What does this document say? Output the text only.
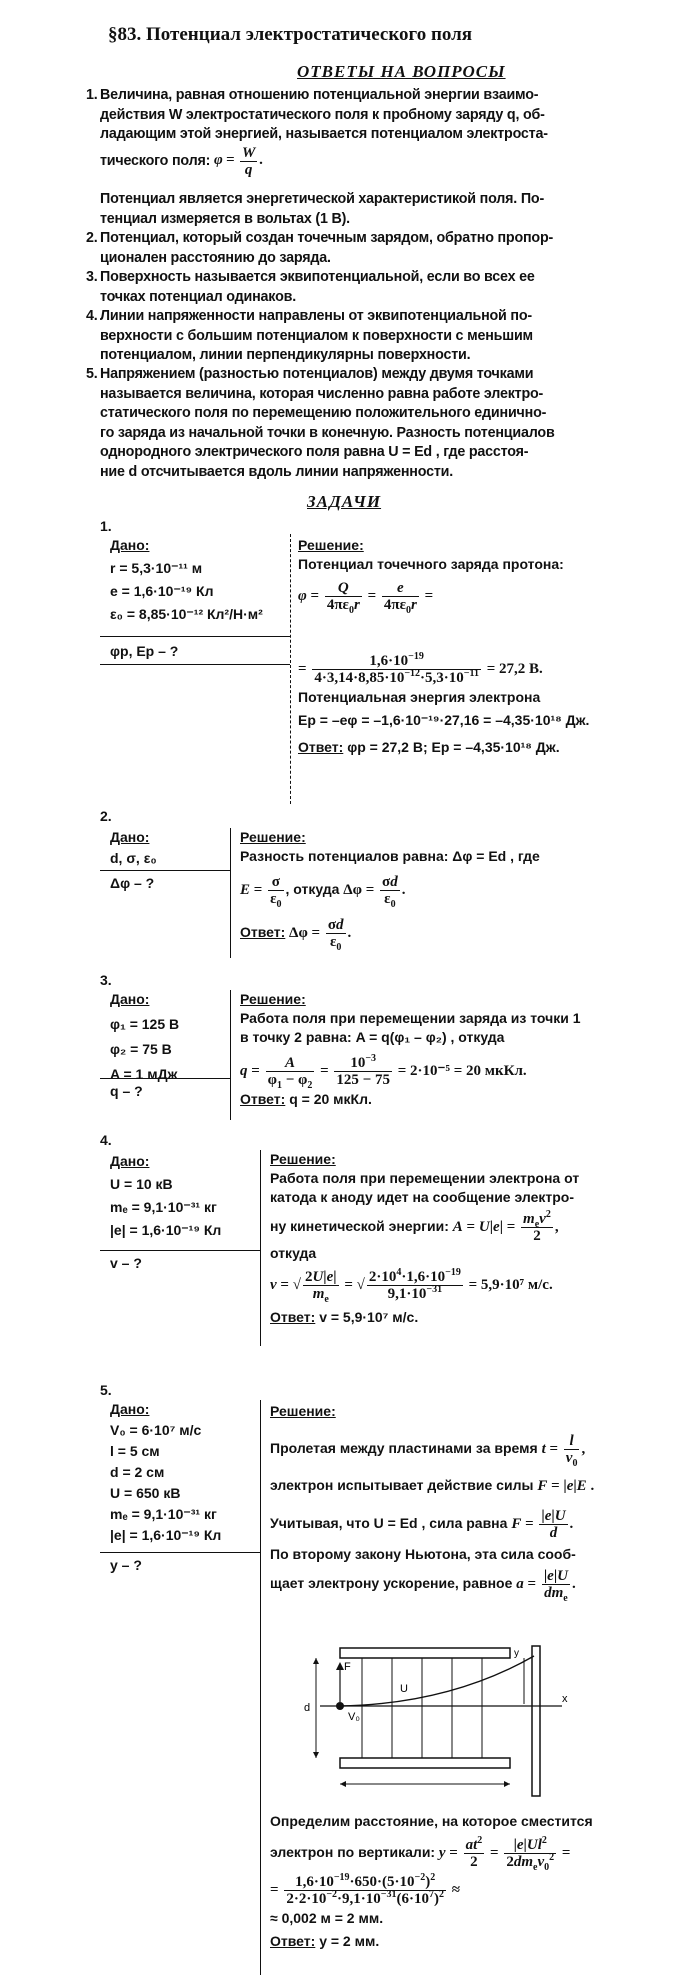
§83. Потенциал электростатического поля
ОТВЕТЫ НА ВОПРОСЫ
1. Величина, равная отношению потенциальной энергии взаимо-
действия W электростатического поля к пробному заряду q, об-
ладающим этой энергией, называется потенциалом электроста-
тического поля: $\varphi = \frac{W}{q}$ .
Потенциал является энергетической характеристикой поля. По-
тенциал измеряется в вольтах (1 В).
2. Потенциал, который создан точечным зарядом, обратно пропор-
ционален расстоянию до заряда.
3. Поверхность называется эквипотенциальной, если во всех ее
точках потенциал одинаков.
4. Линии напряженности направлены от эквипотенциальной по-
верхности с большим потенциалом к поверхности с меньшим
потенциалом, линии перпендикулярны поверхности.
5. Напряжением (разностью потенциалов) между двумя точками
называется величина, которая численно равна работе электро-
статического поля по перемещению положительного единично-
го заряда из начальной точки в конечную. Разность потенциалов
однородного электрического поля равна U = Ed , где расстоя-
ние d отсчитывается вдоль линии напряженности.
ЗАДАЧИ
1.
Дано:
r = 5,3·10⁻¹¹ м
e = 1,6·10⁻¹⁹ Кл
ε₀ = 8,85·10⁻¹² Кл²/Н·м²
φp, Ep – ?
Решение:
Потенциал точечного заряда протона:
$\varphi = \frac{Q}{4\pi\varepsilon_0r} = \frac{e}{4\pi\varepsilon_0r}$ =
= $\frac{1,6\cdot 10^{-19}}{4\cdot 3,14\cdot 8,85\cdot 10^{-12}\cdot 5,3\cdot 10^{-11}} = 27,2$ В.
Потенциальная энергия электрона
Eр = –eφ = –1,6·10⁻¹⁹·27,16 = –4,35·10¹⁸ Дж.
Ответ: φр = 27,2 В; Eр = –4,35·10¹⁸ Дж.
2.
Дано:
d, σ, ε₀
Δφ – ?
Решение:
Разность потенциалов равна: Δφ = Ed , где
$E = \frac{\sigma}{\varepsilon_0}$ , откуда $\Delta\varphi = \frac{\sigma d}{\varepsilon_0}$ .
Ответ: $\Delta\varphi = \frac{\sigma d}{\varepsilon_0}$ .
3.
Дано:
φ₁ = 125 В
φ₂ = 75 В
A = 1 мДж
q – ?
Решение:
Работа поля при перемещении заряда из точки 1
в точку 2 равна: A = q(φ₁ – φ₂) , откуда
$q = \frac{A}{\varphi_1 - \varphi_2} = \frac{10^{-3}}{125 - 75} = 2\cdot 10^{-5} = 20$ мкКл.
Ответ: q = 20 мкКл.
4.
Дано:
U = 10 кВ
mₑ = 9,1·10⁻³¹ кг
|e| = 1,6·10⁻¹⁹ Кл
v – ?
Решение:
Работа поля при перемещении электрона от
катода к аноду идет на сообщение электро-
ну кинетической энергии: $A = U|e| = \frac{m_ev^2}{2}$ ,
откуда
v = √ $\frac{2U|e|}{m_e}$ = √ $\frac{2\cdot 10^4\cdot 1,6\cdot 10^{-19}}{9,1\cdot 10^{-31}} = 5,9\cdot 10^7$ м/с.
Ответ: v = 5,9·10⁷ м/с.
5.
Дано:
V₀ = 6·10⁷ м/с
l = 5 см
d = 2 см
U = 650 кВ
mₑ = 9,1·10⁻³¹ кг
|e| = 1,6·10⁻¹⁹ Кл
y – ?
Решение:
Пролетая между пластинами за время $t = \frac{l}{v_0}$ ,
электрон испытывает действие силы F = |e|E .
Учитывая, что U = Ed , сила равна $F = \frac{|e|U}{d}$ .
По второму закону Ньютона, эта сила сооб-
щает электрону ускорение, равное $a = \frac{|e|U}{dm_e}$ .
d
F
V₀
U
y
x
Определим расстояние, на которое сместится
электрон по вертикали: $y = \frac{at^2}{2} = \frac{|e|Ul^2}{2dm_ev_0^2}$ =
= $\frac{1,6\cdot 10^{-19}\cdot 650\cdot(5\cdot 10^{-2})^2}{2\cdot 2\cdot 10^{-2}\cdot 9,1\cdot 10^{-31}(6\cdot 10^7)^2}$ ≈
≈ 0,002 м = 2 мм.
Ответ: y = 2 мм.
